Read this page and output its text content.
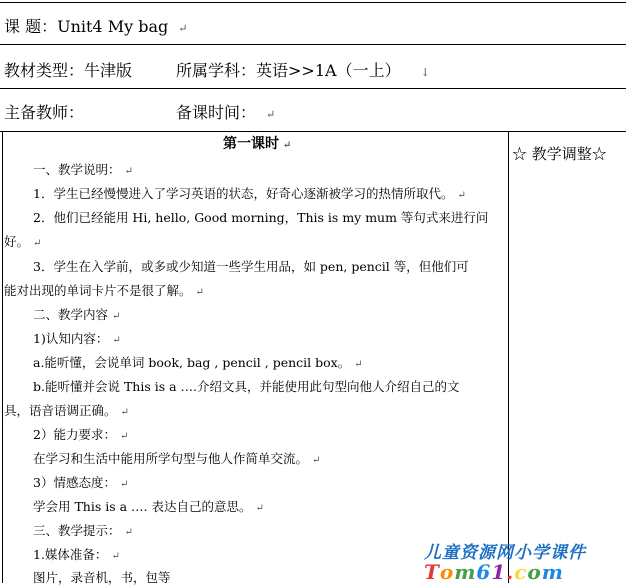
课 题：Unit4 My bag ↵
教材类型：牛津版	所属学科：英语>>1A（一上） ↓
主备教师：	备课时间： ↵
第一课时 ↵	☆ 教学调整☆
一、教学说明： ↵
1．学生已经慢慢进入了学习英语的状态，好奇心逐渐被学习的热情所取代。 ↵
2．他们已经能用 Hi, hello, Good morning，This is my mum 等句式来进行问
好。 ↵
3．学生在入学前，或多或少知道一些学生用品，如 pen, pencil 等，但他们可
能对出现的单词卡片不是很了解。 ↵
二、教学内容 ↵
1)认知内容： ↵
a.能听懂，会说单词 book, bag , pencil , pencil box。 ↵
b.能听懂并会说 This is a ….介绍文具，并能使用此句型向他人介绍自己的文
具，语音语调正确。 ↵
2）能力要求： ↵
在学习和生活中能用所学句型与他人作简单交流。 ↵
3）情感态度： ↵
学会用 This is a …. 表达自己的意思。 ↵
三、教学提示： ↵
1.媒体准备： ↵
图片，录音机，书，包等
儿童资源网小学课件
Tom61.com
